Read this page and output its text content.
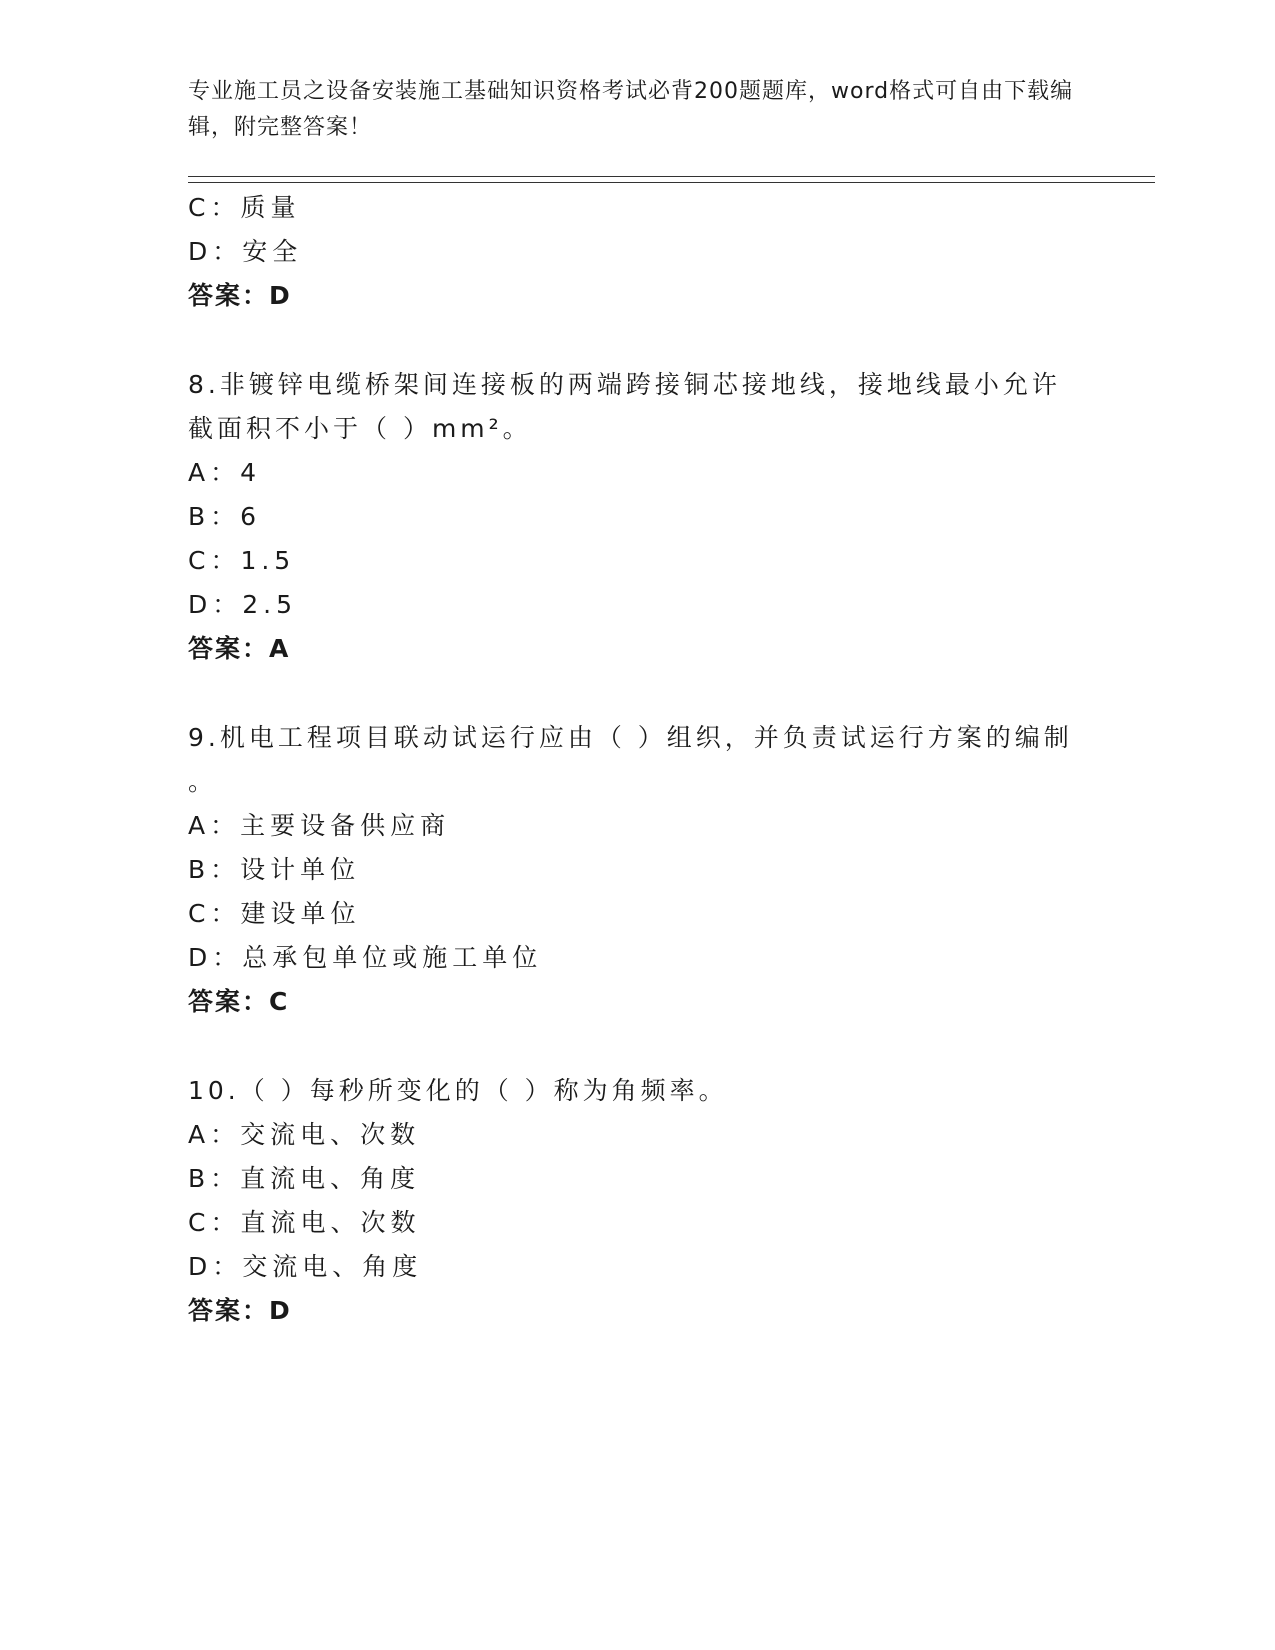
专业施工员之设备安装施工基础知识资格考试必背200题题库，word格式可自由下载编辑，附完整答案！
C：质量
D：安全
答案：D
8.非镀锌电缆桥架间连接板的两端跨接铜芯接地线，接地线最小允许
截面积不小于（ ）mm²。
A：4
B：6
C：1.5
D：2.5
答案：A
9.机电工程项目联动试运行应由（ ）组织，并负责试运行方案的编制
。
A：主要设备供应商
B：设计单位
C：建设单位
D：总承包单位或施工单位
答案：C
10.（ ）每秒所变化的（ ）称为角频率。
A：交流电、次数
B：直流电、角度
C：直流电、次数
D：交流电、角度
答案：D
